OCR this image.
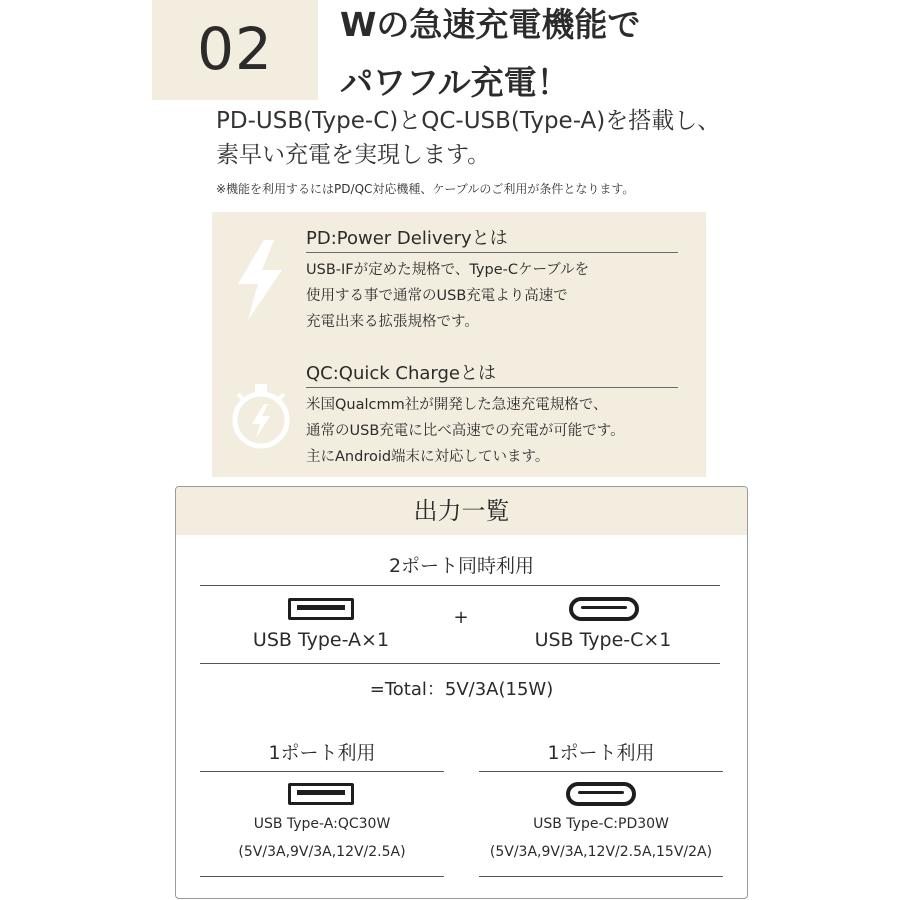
02	Wの急速充電機能で
パワフル充電！
PD-USB(Type-C)とQC-USB(Type-A)を搭載し、
素早い充電を実現します。
※機能を利用するにはPD/QC対応機種、ケーブルのご利用が条件となります。
PD:Power Deliveryとは
USB-IFが定めた規格で、Type-Cケーブルを
使用する事で通常のUSB充電より高速で
充電出来る拡張規格です。
QC:Quick Chargeとは
米国Qualcmm社が開発した急速充電規格で、
通常のUSB充電に比べ高速での充電が可能です。
主にAndroid端末に対応しています。
出力一覧
2ポート同時利用
USB Type-A×1
+
USB Type-C×1
=Total：5V/3A(15W)
1ポート利用
USB Type-A:QC30W
(5V/3A,9V/3A,12V/2.5A)
1ポート利用
USB Type-C:PD30W
(5V/3A,9V/3A,12V/2.5A,15V/2A)
